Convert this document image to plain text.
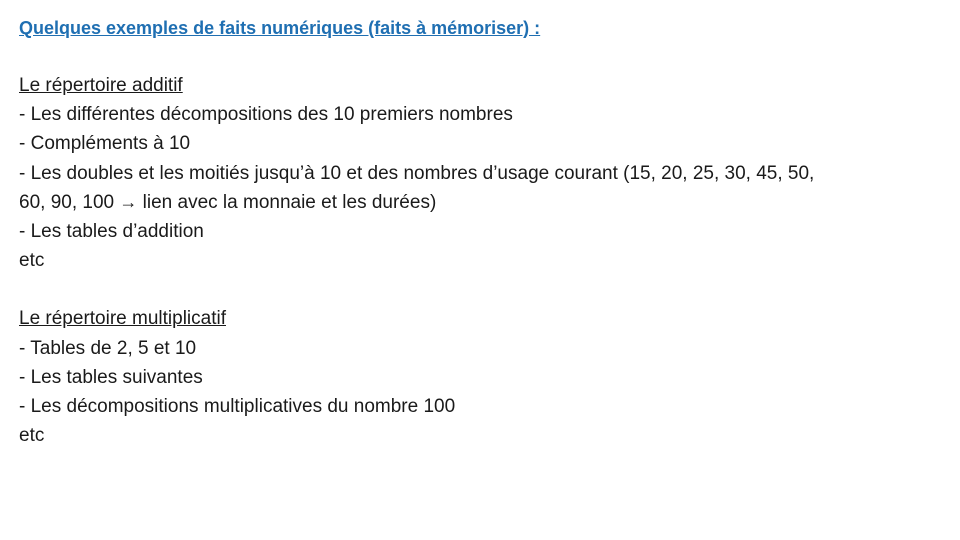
Quelques exemples de faits numériques (faits à mémoriser) :

Le répertoire additif

- Les différentes décompositions des 10 premiers nombres

- Compléments à 10

- Les doubles et les moitiés jusqu’à 10 et des nombres d’usage courant (15, 20, 25, 30, 45, 50,

60, 90, 100 → lien avec la monnaie et les durées)

- Les tables d’addition

etc

Le répertoire multiplicatif

- Tables de 2, 5 et 10

- Les tables suivantes

- Les décompositions multiplicatives du nombre 100

etc
